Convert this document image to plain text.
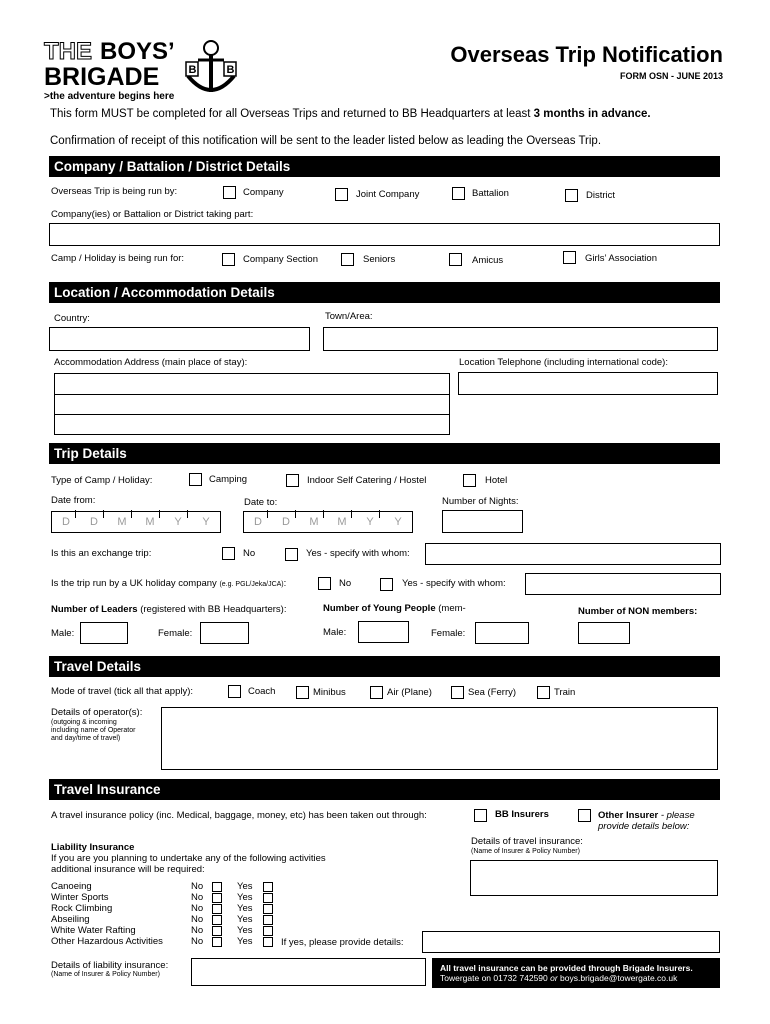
THE BOYS’
BRIGADE
>the adventure begins here
B	B
Overseas Trip Notification
FORM OSN - JUNE 2013
This form MUST be completed for all Overseas Trips and returned to BB Headquarters at least 3 months in advance.
Confirmation of receipt of this notification will be sent to the leader listed below as leading the Overseas Trip.
Company / Battalion / District Details
Overseas Trip is being run by:	Company	Joint Company	Battalion	District
Company(ies) or Battalion or District taking part:
Camp / Holiday is being run for:	Company Section	Seniors	Amicus	Girls’ Association
Location / Accommodation Details
Country:	Town/Area:
Accommodation Address (main place of stay):	Location Telephone (including international code):
Trip Details
Type of Camp / Holiday:	Camping	Indoor Self Catering / Hostel	Hotel
Date from:	Date to:	Number of Nights:
D D M M	Y	Y	D D M M	Y	Y
Is this an exchange trip:	No	Yes - specify with whom:
Is the trip run by a UK holiday company (e.g. PGL/Jeka/JCA):	No	Yes - specify with whom:
Number of Leaders (registered with BB Headquarters):	Number of Young People (mem-	Number of NON members:
Male:	Female:	Male:	Female:
Travel Details
Mode of travel (tick all that apply):	Coach	Minibus	Air (Plane)	Sea (Ferry)	Train
Details of operator(s):
(outgoing & incoming
including name of Operator
and day/time of travel)
Travel Insurance
A travel insurance policy (inc. Medical, baggage, money, etc) has been taken out through:	BB Insurers	Other Insurer - please
provide details below:
Details of travel insurance:
(Name of Insurer & Policy Number)
Liability Insurance
If you are you planning to undertake any of the following activities
additional insurance will be required:
Canoeing	No	Yes
Winter Sports	No	Yes
Rock Climbing	No	Yes
Abseiling	No	Yes
White Water Rafting	No	Yes
Other Hazardous Activities	No	Yes	If yes, please provide details:
Details of liability insurance:
(Name of Insurer & Policy Number)
All travel insurance can be provided through Brigade Insurers.
Towergate on 01732 742590 or boys.brigade@towergate.co.uk
